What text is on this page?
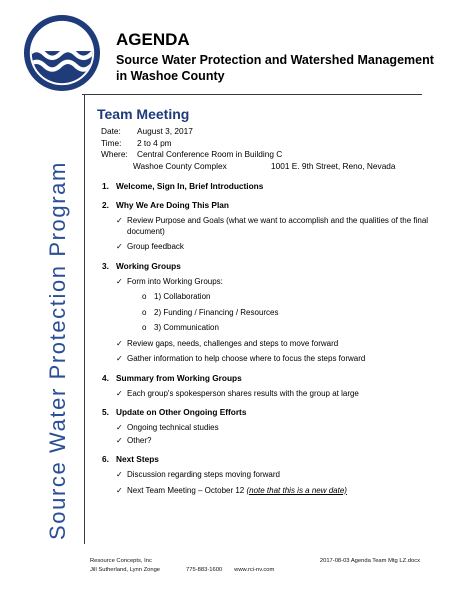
AGENDA
Source Water Protection and Watershed Management in Washoe County
Source Water Protection Program
Team Meeting
Date:	August 3, 2017
Time:	2 to 4 pm
Where:	Central Conference Room in Building C
Washoe County Complex	1001 E. 9th Street, Reno, Nevada
1. Welcome, Sign In, Brief Introductions
2. Why We Are Doing This Plan
✓ Review Purpose and Goals (what we want to accomplish and the qualities of the final document)
✓ Group feedback
3. Working Groups
✓ Form into Working Groups:
o 1) Collaboration
o 2) Funding / Financing / Resources
o 3) Communication
✓ Review gaps, needs, challenges and steps to move forward
✓ Gather information to help choose where to focus the steps forward
4. Summary from Working Groups
✓ Each group's spokesperson shares results with the group at large
5. Update on Other Ongoing Efforts
✓ Ongoing technical studies
✓ Other?
6. Next Steps
✓ Discussion regarding steps moving forward
✓ Next Team Meeting – October 12 (note that this is a new date)
Resource Concepts, Inc	2017-08-03 Agenda Team Mtg LZ.docx
Jill Sutherland, Lynn Zonge	775-883-1600 www.rci-nv.com
